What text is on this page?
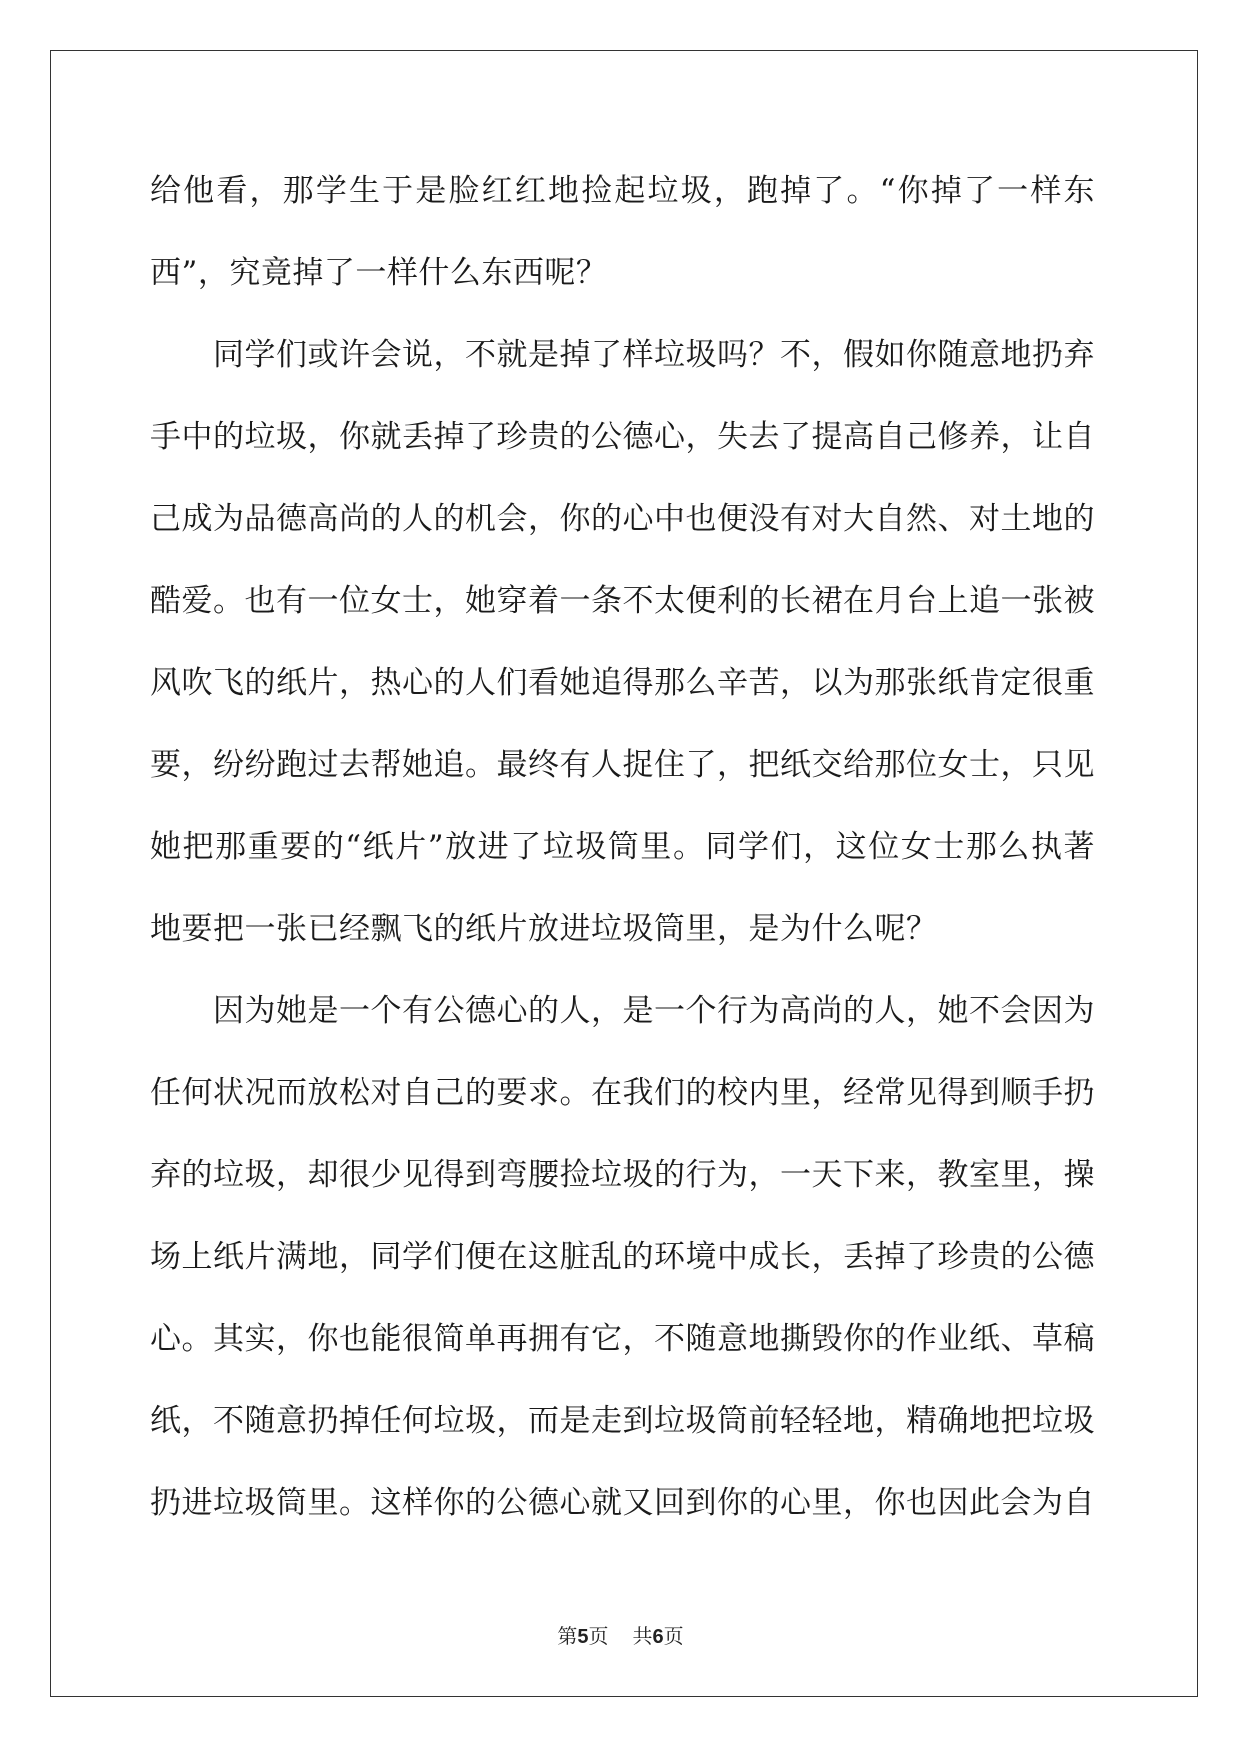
给他看，那学生于是脸红红地捡起垃圾，跑掉了。“你掉了一样东
西”，究竟掉了一样什么东西呢？
　　同学们或许会说，不就是掉了样垃圾吗？不，假如你随意地扔弃
手中的垃圾，你就丢掉了珍贵的公德心，失去了提高自己修养，让自
己成为品德高尚的人的机会，你的心中也便没有对大自然、对土地的
酷爱。也有一位女士，她穿着一条不太便利的长裙在月台上追一张被
风吹飞的纸片，热心的人们看她追得那么辛苦，以为那张纸肯定很重
要，纷纷跑过去帮她追。最终有人捉住了，把纸交给那位女士，只见
她把那重要的“纸片”放进了垃圾筒里。同学们，这位女士那么执著
地要把一张已经飘飞的纸片放进垃圾筒里，是为什么呢？
　　因为她是一个有公德心的人，是一个行为高尚的人，她不会因为
任何状况而放松对自己的要求。在我们的校内里，经常见得到顺手扔
弃的垃圾，却很少见得到弯腰捡垃圾的行为，一天下来，教室里，操
场上纸片满地，同学们便在这脏乱的环境中成长，丢掉了珍贵的公德
心。其实，你也能很简单再拥有它，不随意地撕毁你的作业纸、草稿
纸，不随意扔掉任何垃圾，而是走到垃圾筒前轻轻地，精确地把垃圾
扔进垃圾筒里。这样你的公德心就又回到你的心里，你也因此会为自
第5页 共6页
